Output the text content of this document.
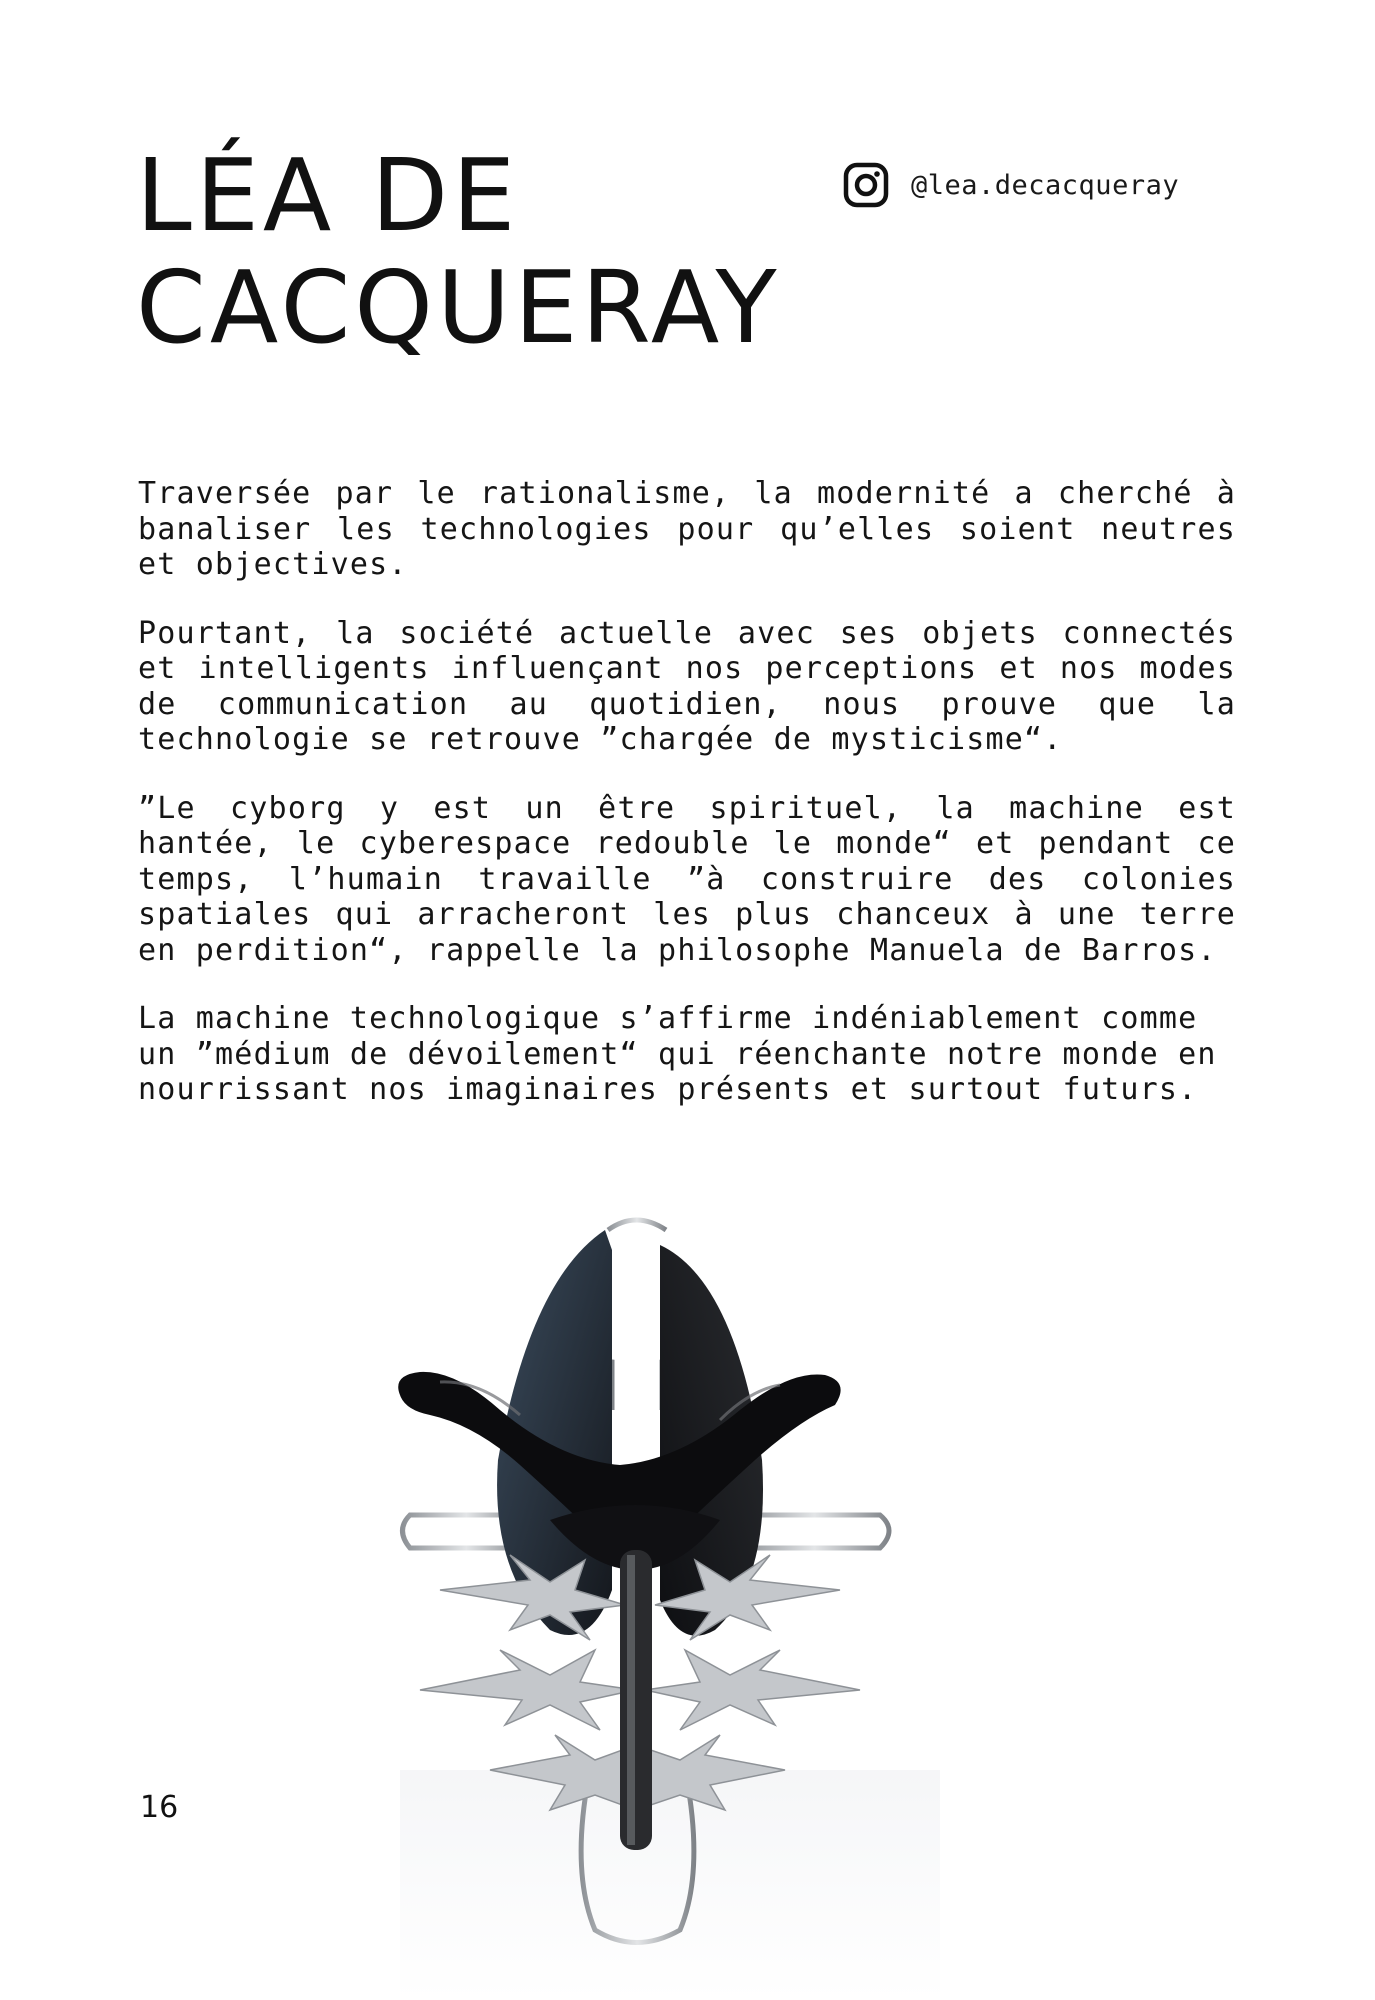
LÉA DE
CACQUERAY
@lea.decacqueray

Traversée par le rationalisme, la modernité a cherché à banaliser les technologies pour qu’elles soient neutres et objectives.

Pourtant, la société actuelle avec ses objets connectés et intelligents influençant nos perceptions et nos modes de communication au quotidien, nous prouve que la technologie se retrouve ”chargée de mysticisme“.

”Le cyborg y est un être spirituel, la machine est hantée, le cyberespace redouble le monde“ et pendant ce temps, l’humain travaille ”à construire des colonies spatiales qui arracheront les plus chanceux à une terre en perdition“, rappelle la philosophe Manuela de Barros.

La machine technologique s’affirme indéniablement comme un ”médium de dévoilement“ qui réenchante notre monde en nourrissant nos imaginaires présents et surtout futurs.

16
